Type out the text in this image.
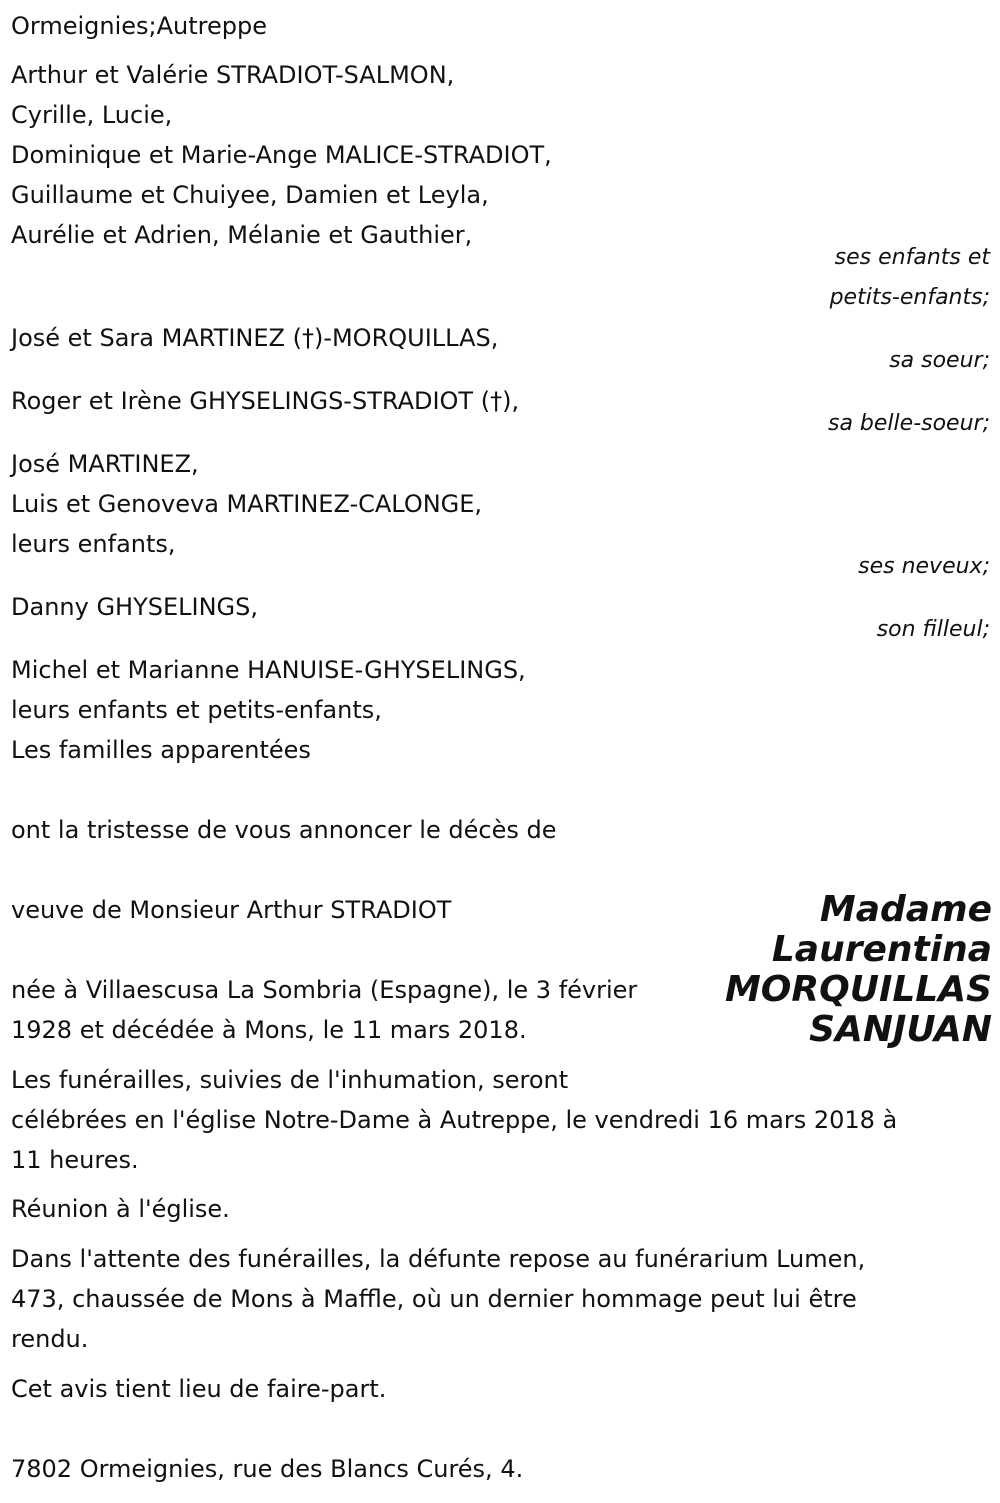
Ormeignies;Autreppe

Arthur et Valérie STRADIOT-SALMON,

Cyrille, Lucie,

Dominique et Marie-Ange MALICE-STRADIOT,

Guillaume et Chuiyee, Damien et Leyla,

Aurélie et Adrien, Mélanie et Gauthier,

ses enfants et

petits-enfants;

José et Sara MARTINEZ (†)-MORQUILLAS,

sa soeur;

Roger et Irène GHYSELINGS-STRADIOT (†),

sa belle-soeur;

José MARTINEZ,

Luis et Genoveva MARTINEZ-CALONGE,

leurs enfants,

ses neveux;

Danny GHYSELINGS,

son filleul;

Michel et Marianne HANUISE-GHYSELINGS,

leurs enfants et petits-enfants,

Les familles apparentées

ont la tristesse de vous annoncer le décès de

veuve de Monsieur Arthur STRADIOT	Madame
Laurentina
MORQUILLAS
SANJUAN

née à Villaescusa La Sombria (Espagne), le 3 février

1928 et décédée à Mons, le 11 mars 2018.

Les funérailles, suivies de l'inhumation, seront

célébrées en l'église Notre-Dame à Autreppe, le vendredi 16 mars 2018 à

11 heures.

Réunion à l'église.

Dans l'attente des funérailles, la défunte repose au funérarium Lumen,

473, chaussée de Mons à Maffle, où un dernier hommage peut lui être

rendu.

Cet avis tient lieu de faire-part.

7802 Ormeignies, rue des Blancs Curés, 4.
